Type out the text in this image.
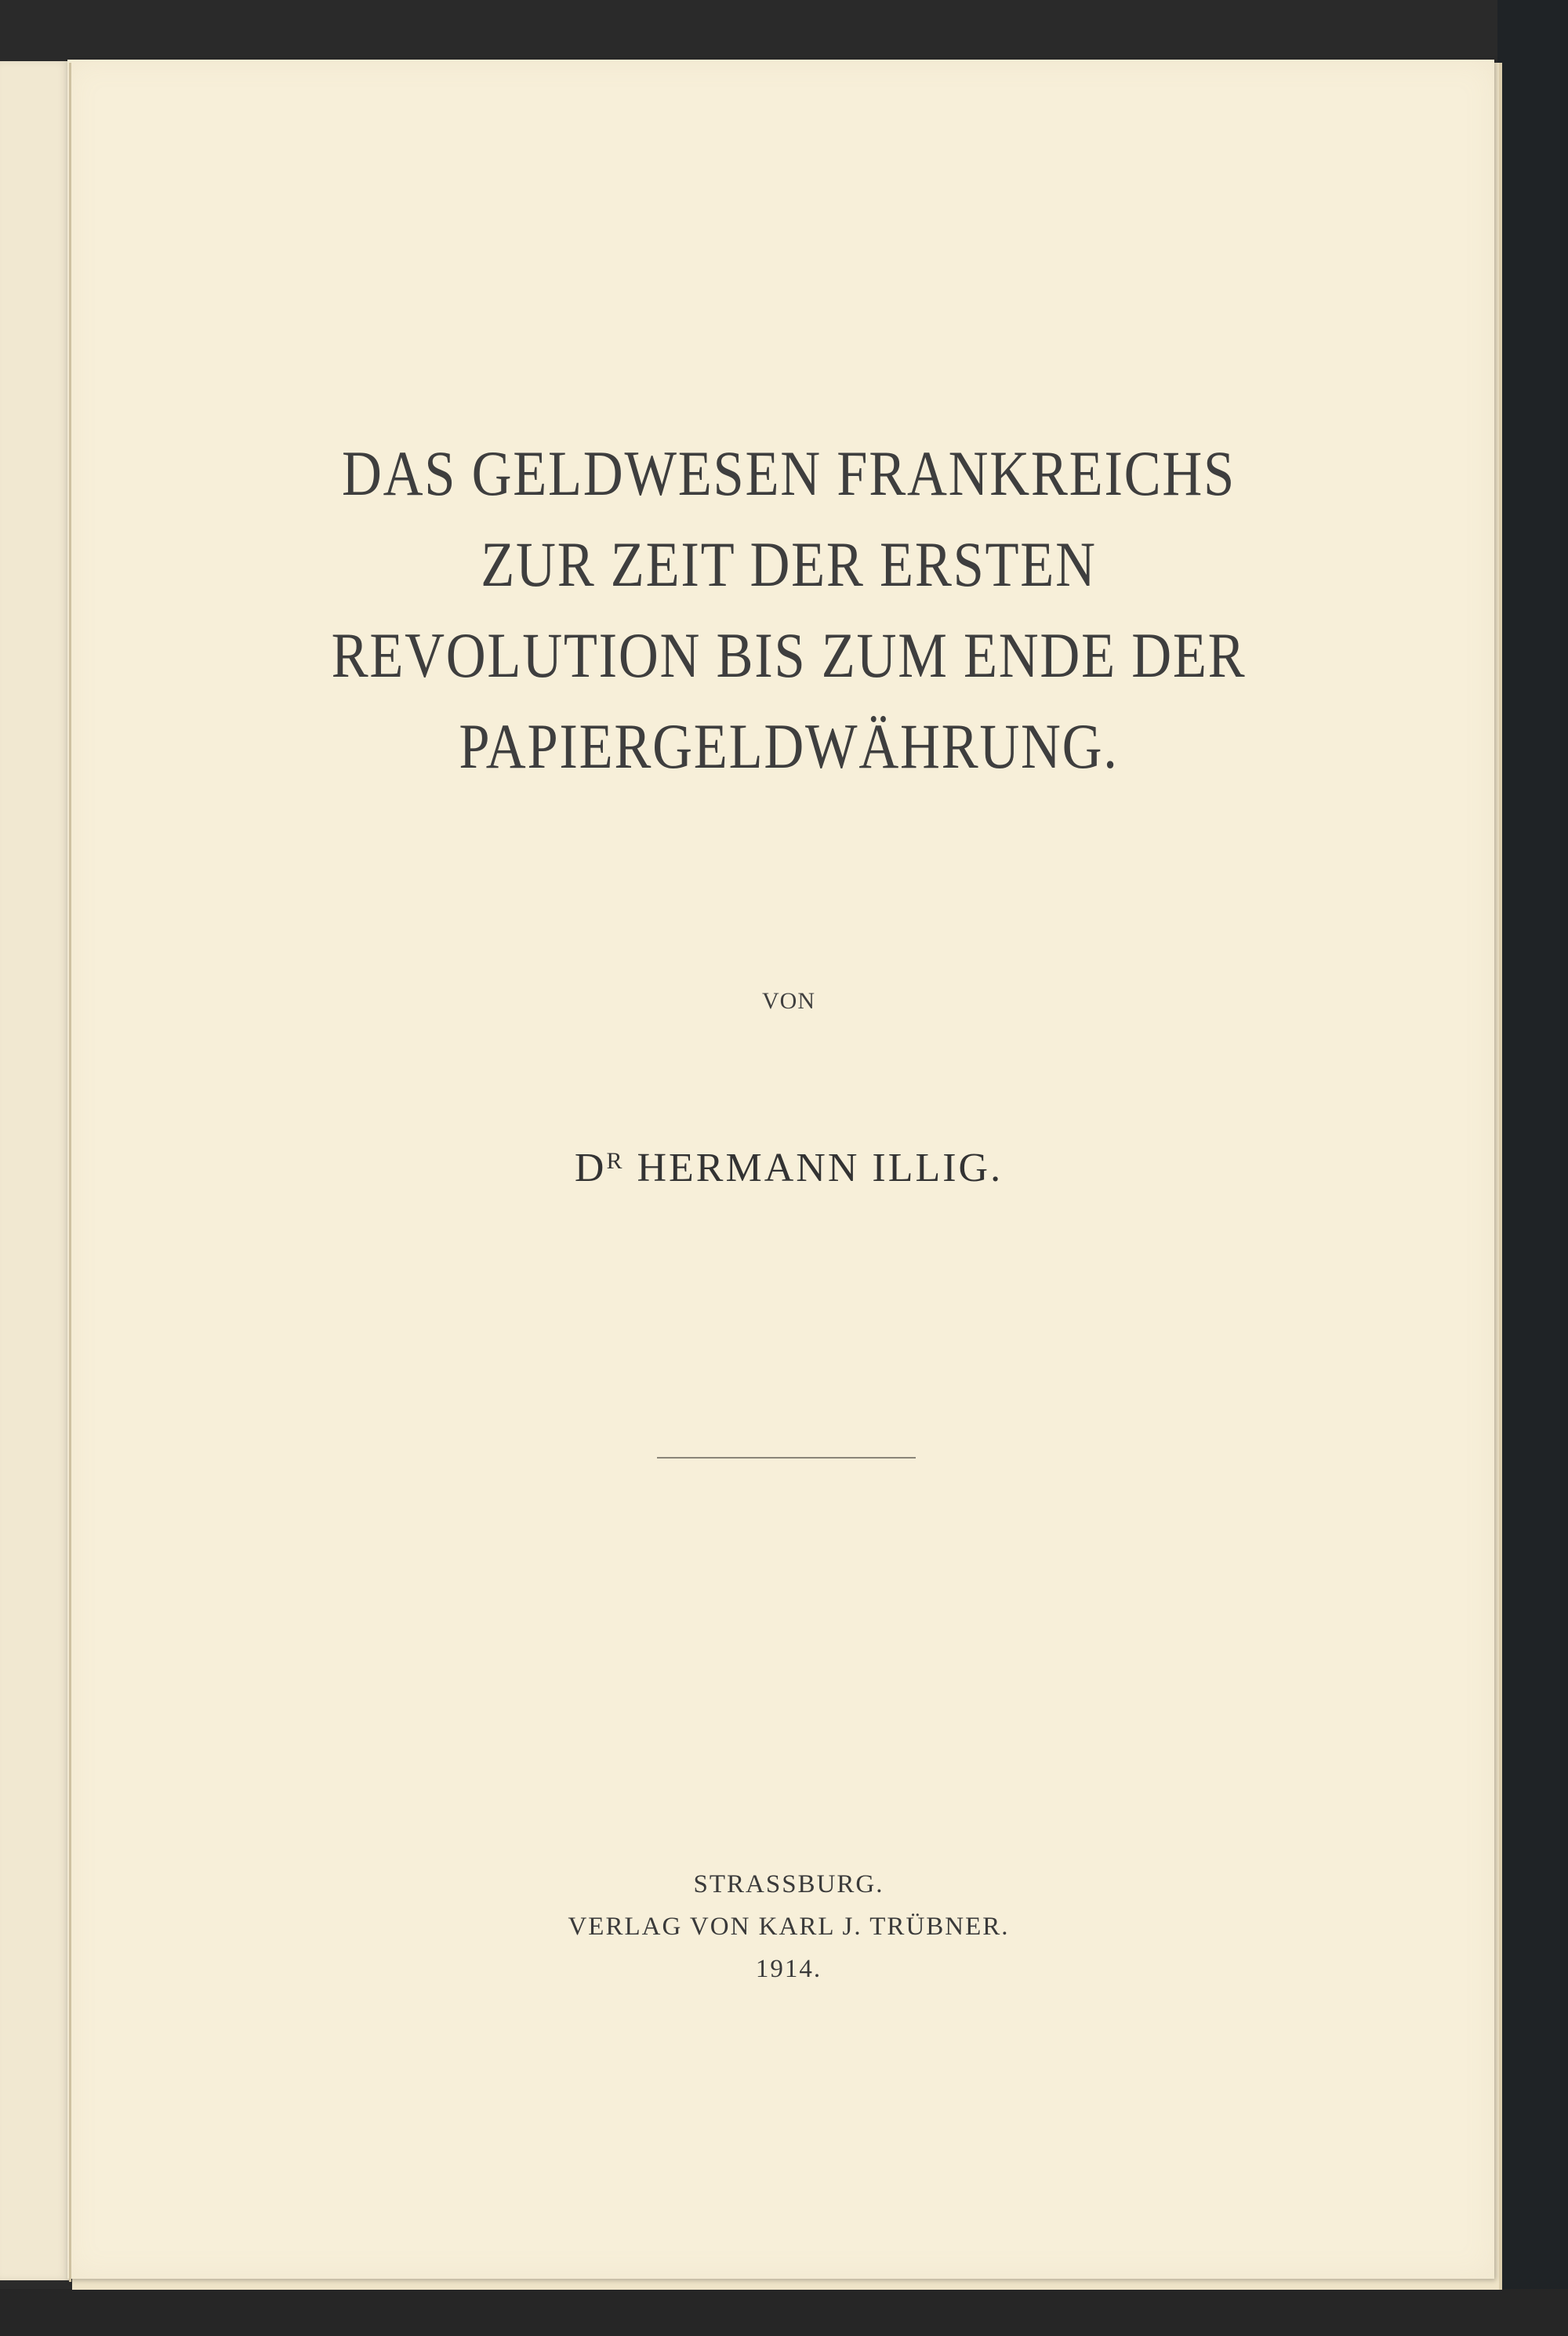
DAS GELDWESEN FRANKREICHS
ZUR ZEIT DER ERSTEN
REVOLUTION BIS ZUM ENDE DER
PAPIERGELDWÄHRUNG.
VON
$D^R$ HERMANN ILLIG.
STRASSBURG.
VERLAG VON KARL J. TRÜBNER.
1914.
